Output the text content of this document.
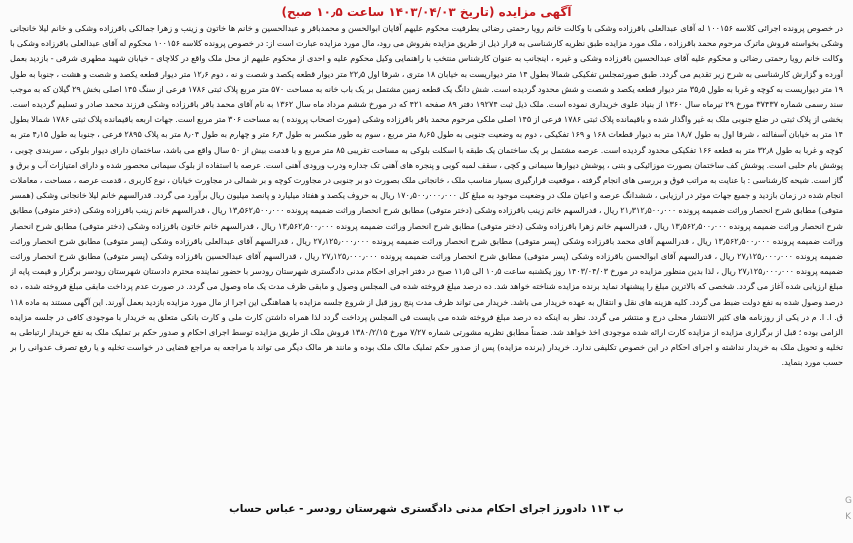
آگهی مزایده (تاریخ ۱۴۰۳/۰۴/۰۳ ساعت ۱۰٫۵ صبح)

در خصوص پرونده اجرائی کلاسه ۱۰۰۱۵۶ له آقای عبدالعلی باقرزاده وشکی با وکالت خانم رویا رحمتی رضائی بطرفیت محکوم علیهم آقایان ابوالحسن و محمدباقر و عبدالحسین و خانم ها خاتون و زینب و زهرا جمالکی باقرزاده وشکی و خانم لیلا خانجانی وشکی بخواسته فروش ماترک مرحوم محمد باقرزاده ، ملک مورد مزایده طبق نظریه کارشناسی به قرار ذیل از طریق مزایده بفروش می رود، مال مورد مزایده عبارت است از: در خصوص پرونده کلاسه ۱۰۰۱۵۶ محکوم له آقای عبدالعلی باقرزاده وشکی با وکالت خانم رویا رحمتی رضائی و محکوم علیه آقای عبدالحسین باقرزاده وشکی و غیره ، اینجانب به عنوان کارشناس منتخب با راهنمایی وکیل محکوم علیه و احدی از محکوم علیهم از محل ملک واقع در کلاچای - خیابان شهید مطهری شرقی - بازدید بعمل آورده و گزارش کارشناسی به شرح زیر تقدیم می گردد. طبق صورتمجلس تفکیکی شمالا بطول ۱۴ متر دیواریست به خیابان ۱۸ متری ، شرقا اول ۲۲٫۵ متر دیوار قطعه یکصد و شصت و نه ، دوم ۱۲٫۶ متر دیوار قطعه یکصد و شصت و هشت ، جنوبا به طول ۱۹ متر دیواریست به کوچه و غربا به طول ۳۵٫۵ متر دیوار قطعه یکصد و شصت و شش محدود گردیده است. شش دانگ یک قطعه زمین مشتمل بر یک باب خانه به مساحت ۵۷۰ متر مربع پلاک ثبتی ۱۷۸۶ فرعی از سنگ ۱۴۵ اصلی بخش ۲۹ گیلان که به موجب سند رسمی شماره ۳۷۴۳۷ مورخ ۲۹ تیرماه سال ۱۳۶۰ از بنیاد علوی خریداری نموده است. ملک ذیل ثبت ۱۹۲۷۴ دفتر ۸۹ صفحه ۴۲۱ که در مورخ ششم مرداد ماه سال ۱۳۶۲ به نام آقای محمد باقر باقرزاده وشکی فرزند محمد صادر و تسلیم گردیده است. بخشی از پلاک ثبتی در ضلع جنوبی ملک به غیر واگذار شده و باقیمانده پلاک ثبتی ۱۷۸۶ فرعی از ۱۴۵ اصلی ملکی مرحوم محمد باقر باقرزاده وشکی (مورث اصحاب پرونده ) به مساحت ۳۰۶ متر مربع است. جهات اربعه باقیمانده پلاک ثبتی ۱۷۸۶ شمالا بطول ۱۴ متر به خیابان آسفالته ، شرقا اول به طول ۱۸٫۷ متر به دیوار قطعات ۱۶۸ و ۱۶۹ تفکیکی ، دوم به وضعیت جنوبی به طول ۸٫۶۵ متر مربع ، سوم به طور منکسر به طول ۶٫۴ متر و چهارم به طول ۸٫۰۴ متر به پلاک ۲۸۹۵ فرعی ، جنوبا به طول ۴٫۱۵ متر به کوچه و غربا به طول ۳۲٫۸ متر به قطعه ۱۶۶ تفکیکی محدود گردیده است. عرصه مشتمل بر یک ساختمان یک طبقه با اسکلت بلوکی به مساحت تقریبی ۸۵ متر مربع و با قدمت بیش از ۵۰ سال واقع می باشد، ساختمان دارای دیوار بلوکی ، سربندی چوبی ، پوشش بام حلبی است. پوشش کف ساختمان بصورت موزائیکی و بتنی ، پوشش دیوارها سیمانی و کچی ، سقف لمبه کوبی و پنجره های آهنی تک جداره ودرب ورودی آهنی است. عرصه با استفاده از بلوک سیمانی محصور شده و دارای امتیازات آب و برق و گاز است. شیحه کارشناسی : با عنایت به مراتب فوق و بررسی های انجام گرفته ، موقعیت قرارگیری بسیار مناسب ملک ، خانجانی ملک بصورت دو بر جنوبی در مجاورت کوچه و بر شمالی در مجاورت خیابان ، نوع کاربری ، قدمت عرصه ، مساحت ، معاملات انجام شده در زمان بازدید و جمیع جهات موثر در ارزیابی ، ششدانگ عرصه و اعیان ملک در وضعیت موجود به مبلغ کل ۱۷۰٫۵۰۰٫۰۰۰٫۰۰۰ ریال به حروف یکصد و هفتاد میلیارد و پانصد میلیون ریال برآورد می گردد. قدرالسهم خانم لیلا خانجانی وشکی (همسر متوفی) مطابق شرح انحصار وراثت ضمیمه پرونده ۲۱٫۳۱۲٫۵۰۰٫۰۰۰ ریال ، قدرالسهم خانم زینب باقرزاده وشکی (دختر متوفی) مطابق شرح انحصار وراثت ضمیمه پرونده ۱۳٫۵۶۲٫۵۰۰٫۰۰۰ ریال ، قدرالسهم خانم زینب باقرزاده وشکی (دختر متوفی) مطابق شرح انحصار وراثت ضمیمه پرونده ۱۳٫۵۶۲٫۵۰۰٫۰۰۰ ریال ، قدرالسهم خانم زهرا باقرزاده وشکی (دختر متوفی) مطابق شرح انحصار وراثت ضمیمه پرونده ۱۳٫۵۶۲٫۵۰۰٫۰۰۰ ریال ، قدرالسهم خانم خاتون باقرزاده وشکی (دختر متوفی) مطابق شرح انحصار وراثت ضمیمه پرونده ۱۳٫۵۶۲٫۵۰۰٫۰۰۰ ریال ، قدرالسهم آقای محمد باقرزاده وشکی (پسر متوفی) مطابق شرح انحصار وراثت ضمیمه پرونده ۲۷٫۱۲۵٫۰۰۰٫۰۰۰ ریال ، قدرالسهم آقای عبدالعلی باقرزاده وشکی (پسر متوفی) مطابق شرح انحصار وراثت ضمیمه پرونده ۲۷٫۱۲۵٫۰۰۰٫۰۰۰ ریال ، قدرالسهم آقای ابوالحسن باقرزاده وشکی (پسر متوفی) مطابق شرح انحصار وراثت ضمیمه پرونده ۲۷٫۱۲۵٫۰۰۰٫۰۰۰ ریال ، قدرالسهم آقای عبدالحسین باقرزاده وشکی (پسر متوفی) مطابق شرح انحصار وراثت ضمیمه پرونده ۲۷٫۱۲۵٫۰۰۰٫۰۰۰ ریال ، لذا بدین منظور مزایده در مورخ ۱۴۰۳/۰۴/۰۳ روز یکشنبه ساعت ۱۰٫۵ الی ۱۱٫۵ صبح در دفتر اجرای احکام مدنی دادگستری شهرستان رودسر با حضور نماینده محترم دادستان شهرستان رودسر برگزار و قیمت پایه از مبلغ ارزیابی شده آغاز می گردد. شخصی که بالاترین مبلغ را پیشنهاد نماید برنده مزایده شناخته خواهد شد. ده درصد مبلغ فروخته شده فی المجلس وصول و مابقی ظرف مدت یک ماه وصول می گردد. در صورت عدم پرداخت مابقی مبلغ فروخته شده ، ده درصد وصول شده به نفع دولت ضبط می گردد. کلیه هزینه های نقل و انتقال به عهده خریدار می باشد. خریدار می تواند ظرف مدت پنج روز قبل از شروع جلسه مزایده با هماهنگی این اجرا از مال مورد مزایده بازدید بعمل آورند. این آگهی مستند به ماده ۱۱۸ ق. ا. ا. م در یکی از روزنامه های کثیر الانتشار محلی درج و منتشر می گردد. نظر به اینکه ده درصد مبلغ فروخته شده می بایست فی المجلس پرداخت گردد لذا همراه داشتن کارت ملی و کارت بانکی متعلق به خریدار با موجودی کافی در جلسه مزایده الزامی بوده ؛ قبل از برگزاری مزایده از مزایده کارت ارائه شده موجودی اخذ خواهد شد. ضمناً مطابق نظریه مشورتی شماره ۷/۲۷ مورخ ۱۳۸۰/۲/۱۵ فروش ملک از طریق مزایده توسط اجرای احکام و صدور حکم بر تملیک ملک به نفع خریدار ارتباطی به تخلیه و تحویل ملک به خریدار نداشته و اجرای احکام در این خصوص تکلیفی ندارد. خریدار (برنده مزایده) پس از صدور حکم تملیک مالک ملک بوده و مانند هر مالک دیگر می تواند با مراجعه به مراجع قضایی در خواست تخلیه و یا رفع تصرف عدوانی را بر حسب مورد بنماید.

ب ۱۱۳ دادورز اجرای احکام مدنی دادگستری شهرستان رودسر - عباس حساب
G
K
